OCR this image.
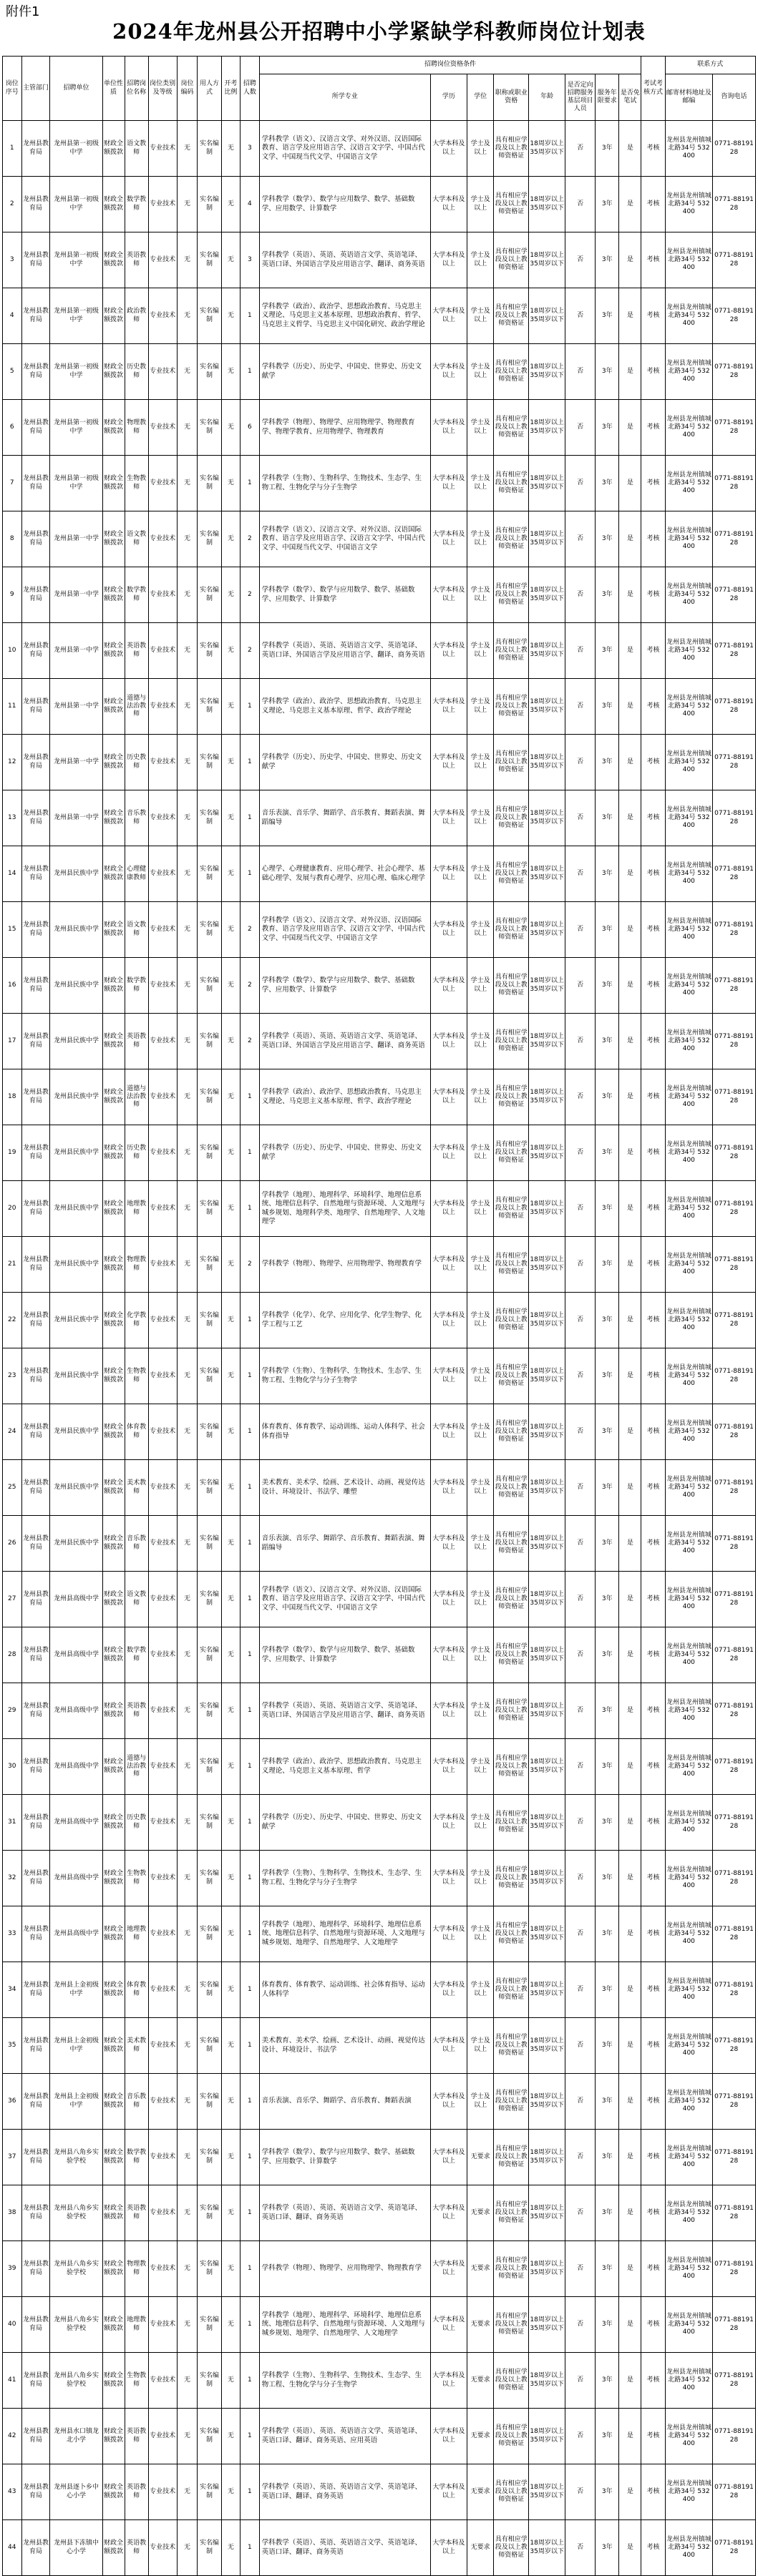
附件1
2024年龙州县公开招聘中小学紧缺学科教师岗位计划表
岗位序号	主管部门	招聘单位	单位性质	招聘岗位名称	岗位类别及等级	岗位编码	用人方式	开考比例	招聘人数	招聘岗位资格条件								考试考核方式	联系方式	
										所学专业	学历	学位	职称或职业资格	年龄	是否定向招聘服务基层项目人员	服务年限要求	是否免笔试		邮寄材料地址及邮编	咨询电话
1	龙州县教育局	龙州县第一初级中学	财政全额拨款	语文教师	专业技术	无	实名编制	无	3	学科教学（语文）、汉语言文学、对外汉语、汉语国际教育、语言学及应用语言学、汉语言文字学、中国古代文学、中国现当代文学、中国语言文学	大学本科及以上	学士及以上	具有相应学段及以上教师资格证	18周岁以上35周岁以下	否	3年	是	考核	龙州县龙州镇城北路34号 532400	0771-8819128
2	龙州县教育局	龙州县第一初级中学	财政全额拨款	数学教师	专业技术	无	实名编制	无	4	学科教学（数学）、数学与应用数学、数学、基础数学、应用数学、计算数学	大学本科及以上	学士及以上	具有相应学段及以上教师资格证	18周岁以上35周岁以下	否	3年	是	考核	龙州县龙州镇城北路34号 532400	0771-8819128
3	龙州县教育局	龙州县第一初级中学	财政全额拨款	英语教师	专业技术	无	实名编制	无	3	学科教学（英语）、英语、英语语言文学、英语笔译、英语口译、外国语言学及应用语言学、翻译、商务英语	大学本科及以上	学士及以上	具有相应学段及以上教师资格证	18周岁以上35周岁以下	否	3年	是	考核	龙州县龙州镇城北路34号 532400	0771-8819128
4	龙州县教育局	龙州县第一初级中学	财政全额拨款	政治教师	专业技术	无	实名编制	无	1	学科教学（政治）、政治学、思想政治教育、马克思主义理论、马克思主义基本原理、思想政治教育、哲学、马克思主义哲学、马克思主义中国化研究、政治学理论	大学本科及以上	学士及以上	具有相应学段及以上教师资格证	18周岁以上35周岁以下	否	3年	是	考核	龙州县龙州镇城北路34号 532400	0771-8819128
5	龙州县教育局	龙州县第一初级中学	财政全额拨款	历史教师	专业技术	无	实名编制	无	1	学科教学（历史）、历史学、中国史、世界史、历史文献学	大学本科及以上	学士及以上	具有相应学段及以上教师资格证	18周岁以上35周岁以下	否	3年	是	考核	龙州县龙州镇城北路34号 532400	0771-8819128
6	龙州县教育局	龙州县第一初级中学	财政全额拨款	物理教师	专业技术	无	实名编制	无	6	学科教学（物理）、物理学、应用物理学、物理教育学、物理学教育、应用物理学、物理教育	大学本科及以上	学士及以上	具有相应学段及以上教师资格证	18周岁以上35周岁以下	否	3年	是	考核	龙州县龙州镇城北路34号 532400	0771-8819128
7	龙州县教育局	龙州县第一初级中学	财政全额拨款	生物教师	专业技术	无	实名编制	无	1	学科教学（生物）、生物科学、生物技术、生态学、生物工程、生物化学与分子生物学	大学本科及以上	学士及以上	具有相应学段及以上教师资格证	18周岁以上35周岁以下	否	3年	是	考核	龙州县龙州镇城北路34号 532400	0771-8819128
8	龙州县教育局	龙州县第一中学	财政全额拨款	语文教师	专业技术	无	实名编制	无	2	学科教学（语文）、汉语言文学、对外汉语、汉语国际教育、语言学及应用语言学、汉语言文字学、中国古代文学、中国现当代文学、中国语言文学	大学本科及以上	学士及以上	具有相应学段及以上教师资格证	18周岁以上35周岁以下	否	3年	是	考核	龙州县龙州镇城北路34号 532400	0771-8819128
9	龙州县教育局	龙州县第一中学	财政全额拨款	数学教师	专业技术	无	实名编制	无	2	学科教学（数学）、数学与应用数学、数学、基础数学、应用数学、计算数学	大学本科及以上	学士及以上	具有相应学段及以上教师资格证	18周岁以上35周岁以下	否	3年	是	考核	龙州县龙州镇城北路34号 532400	0771-8819128
10	龙州县教育局	龙州县第一中学	财政全额拨款	英语教师	专业技术	无	实名编制	无	2	学科教学（英语）、英语、英语语言文学、英语笔译、英语口译、外国语言学及应用语言学、翻译、商务英语	大学本科及以上	学士及以上	具有相应学段及以上教师资格证	18周岁以上35周岁以下	否	3年	是	考核	龙州县龙州镇城北路34号 532400	0771-8819128
11	龙州县教育局	龙州县第一中学	财政全额拨款	道德与法治教师	专业技术	无	实名编制	无	1	学科教学（政治）、政治学、思想政治教育、马克思主义理论、马克思主义基本原理、哲学、政治学理论	大学本科及以上	学士及以上	具有相应学段及以上教师资格证	18周岁以上35周岁以下	否	3年	是	考核	龙州县龙州镇城北路34号 532400	0771-8819128
12	龙州县教育局	龙州县第一中学	财政全额拨款	历史教师	专业技术	无	实名编制	无	1	学科教学（历史）、历史学、中国史、世界史、历史文献学	大学本科及以上	学士及以上	具有相应学段及以上教师资格证	18周岁以上35周岁以下	否	3年	是	考核	龙州县龙州镇城北路34号 532400	0771-8819128
13	龙州县教育局	龙州县第一中学	财政全额拨款	音乐教师	专业技术	无	实名编制	无	1	音乐表演、音乐学、舞蹈学、音乐教育、舞蹈表演、舞蹈编导	大学本科及以上	学士及以上	具有相应学段及以上教师资格证	18周岁以上35周岁以下	否	3年	是	考核	龙州县龙州镇城北路34号 532400	0771-8819128
14	龙州县教育局	龙州县民族中学	财政全额拨款	心理健康教师	专业技术	无	实名编制	无	1	心理学、心理健康教育、应用心理学、社会心理学、基础心理学、发展与教育心理学、应用心理、临床心理学	大学本科及以上	学士及以上	具有相应学段及以上教师资格证	18周岁以上35周岁以下	否	3年	是	考核	龙州县龙州镇城北路34号 532400	0771-8819128
15	龙州县教育局	龙州县民族中学	财政全额拨款	语文教师	专业技术	无	实名编制	无	2	学科教学（语文）、汉语言文学、对外汉语、汉语国际教育、语言学及应用语言学、汉语言文字学、中国古代文学、中国现当代文学、中国语言文学	大学本科及以上	学士及以上	具有相应学段及以上教师资格证	18周岁以上35周岁以下	否	3年	是	考核	龙州县龙州镇城北路34号 532400	0771-8819128
16	龙州县教育局	龙州县民族中学	财政全额拨款	数学教师	专业技术	无	实名编制	无	2	学科教学（数学）、数学与应用数学、数学、基础数学、应用数学、计算数学	大学本科及以上	学士及以上	具有相应学段及以上教师资格证	18周岁以上35周岁以下	否	3年	是	考核	龙州县龙州镇城北路34号 532400	0771-8819128
17	龙州县教育局	龙州县民族中学	财政全额拨款	英语教师	专业技术	无	实名编制	无	2	学科教学（英语）、英语、英语语言文学、英语笔译、英语口译、外国语言学及应用语言学、翻译、商务英语	大学本科及以上	学士及以上	具有相应学段及以上教师资格证	18周岁以上35周岁以下	否	3年	是	考核	龙州县龙州镇城北路34号 532400	0771-8819128
18	龙州县教育局	龙州县民族中学	财政全额拨款	道德与法治教师	专业技术	无	实名编制	无	1	学科教学（政治）、政治学、思想政治教育、马克思主义理论、马克思主义基本原理、哲学、政治学理论	大学本科及以上	学士及以上	具有相应学段及以上教师资格证	18周岁以上35周岁以下	否	3年	是	考核	龙州县龙州镇城北路34号 532400	0771-8819128
19	龙州县教育局	龙州县民族中学	财政全额拨款	历史教师	专业技术	无	实名编制	无	1	学科教学（历史）、历史学、中国史、世界史、历史文献学	大学本科及以上	学士及以上	具有相应学段及以上教师资格证	18周岁以上35周岁以下	否	3年	是	考核	龙州县龙州镇城北路34号 532400	0771-8819128
20	龙州县教育局	龙州县民族中学	财政全额拨款	地理教师	专业技术	无	实名编制	无	1	学科教学（地理）、地理科学、环境科学、地理信息系统、地理信息科学、自然地理与资源环境、人文地理与城乡规划、地理科学类、地理学、自然地理学、人文地理学	大学本科及以上	学士及以上	具有相应学段及以上教师资格证	18周岁以上35周岁以下	否	3年	是	考核	龙州县龙州镇城北路34号 532400	0771-8819128
21	龙州县教育局	龙州县民族中学	财政全额拨款	物理教师	专业技术	无	实名编制	无	2	学科教学（物理）、物理学、应用物理学、物理教育学	大学本科及以上	学士及以上	具有相应学段及以上教师资格证	18周岁以上35周岁以下	否	3年	是	考核	龙州县龙州镇城北路34号 532400	0771-8819128
22	龙州县教育局	龙州县民族中学	财政全额拨款	化学教师	专业技术	无	实名编制	无	1	学科教学（化学）、化学、应用化学、化学生物学、化学工程与工艺	大学本科及以上	学士及以上	具有相应学段及以上教师资格证	18周岁以上35周岁以下	否	3年	是	考核	龙州县龙州镇城北路34号 532400	0771-8819128
23	龙州县教育局	龙州县民族中学	财政全额拨款	生物教师	专业技术	无	实名编制	无	1	学科教学（生物）、生物科学、生物技术、生态学、生物工程、生物化学与分子生物学	大学本科及以上	学士及以上	具有相应学段及以上教师资格证	18周岁以上35周岁以下	否	3年	是	考核	龙州县龙州镇城北路34号 532400	0771-8819128
24	龙州县教育局	龙州县民族中学	财政全额拨款	体育教师	专业技术	无	实名编制	无	1	体育教育、体育教学、运动训练、运动人体科学、社会体育指导	大学本科及以上	学士及以上	具有相应学段及以上教师资格证	18周岁以上35周岁以下	否	3年	是	考核	龙州县龙州镇城北路34号 532400	0771-8819128
25	龙州县教育局	龙州县民族中学	财政全额拨款	美术教师	专业技术	无	实名编制	无	1	美术教育、美术学、绘画、艺术设计、动画、视觉传达设计、环境设计、书法学、雕塑	大学本科及以上	学士及以上	具有相应学段及以上教师资格证	18周岁以上35周岁以下	否	3年	是	考核	龙州县龙州镇城北路34号 532400	0771-8819128
26	龙州县教育局	龙州县民族中学	财政全额拨款	音乐教师	专业技术	无	实名编制	无	1	音乐表演、音乐学、舞蹈学、音乐教育、舞蹈表演、舞蹈编导	大学本科及以上	学士及以上	具有相应学段及以上教师资格证	18周岁以上35周岁以下	否	3年	是	考核	龙州县龙州镇城北路34号 532400	0771-8819128
27	龙州县教育局	龙州县高级中学	财政全额拨款	语文教师	专业技术	无	实名编制	无	1	学科教学（语文）、汉语言文学、对外汉语、汉语国际教育、语言学及应用语言学、汉语言文字学、中国古代文学、中国现当代文学、中国语言文学	大学本科及以上	学士及以上	具有相应学段及以上教师资格证	18周岁以上35周岁以下	否	3年	是	考核	龙州县龙州镇城北路34号 532400	0771-8819128
28	龙州县教育局	龙州县高级中学	财政全额拨款	数学教师	专业技术	无	实名编制	无	1	学科教学（数学）、数学与应用数学、数学、基础数学、应用数学、计算数学	大学本科及以上	学士及以上	具有相应学段及以上教师资格证	18周岁以上35周岁以下	否	3年	是	考核	龙州县龙州镇城北路34号 532400	0771-8819128
29	龙州县教育局	龙州县高级中学	财政全额拨款	英语教师	专业技术	无	实名编制	无	1	学科教学（英语）、英语、英语语言文学、英语笔译、英语口译、外国语言学及应用语言学、翻译、商务英语	大学本科及以上	学士及以上	具有相应学段及以上教师资格证	18周岁以上35周岁以下	否	3年	是	考核	龙州县龙州镇城北路34号 532400	0771-8819128
30	龙州县教育局	龙州县高级中学	财政全额拨款	道德与法治教师	专业技术	无	实名编制	无	1	学科教学（政治）、政治学、思想政治教育、马克思主义理论、马克思主义基本原理、哲学	大学本科及以上	学士及以上	具有相应学段及以上教师资格证	18周岁以上35周岁以下	否	3年	是	考核	龙州县龙州镇城北路34号 532400	0771-8819128
31	龙州县教育局	龙州县高级中学	财政全额拨款	历史教师	专业技术	无	实名编制	无	1	学科教学（历史）、历史学、中国史、世界史、历史文献学	大学本科及以上	学士及以上	具有相应学段及以上教师资格证	18周岁以上35周岁以下	否	3年	是	考核	龙州县龙州镇城北路34号 532400	0771-8819128
32	龙州县教育局	龙州县高级中学	财政全额拨款	生物教师	专业技术	无	实名编制	无	1	学科教学（生物）、生物科学、生物技术、生态学、生物工程、生物化学与分子生物学	大学本科及以上	学士及以上	具有相应学段及以上教师资格证	18周岁以上35周岁以下	否	3年	是	考核	龙州县龙州镇城北路34号 532400	0771-8819128
33	龙州县教育局	龙州县高级中学	财政全额拨款	地理教师	专业技术	无	实名编制	无	1	学科教学（地理）、地理科学、环境科学、地理信息系统、地理信息科学、自然地理与资源环境、人文地理与城乡规划、地理学、自然地理学、人文地理学	大学本科及以上	学士及以上	具有相应学段及以上教师资格证	18周岁以上35周岁以下	否	3年	是	考核	龙州县龙州镇城北路34号 532400	0771-8819128
34	龙州县教育局	龙州县上金初级中学	财政全额拨款	体育教师	专业技术	无	实名编制	无	1	体育教育、体育教学、运动训练、社会体育指导、运动人体科学	大学本科及以上	学士及以上	具有相应学段及以上教师资格证	18周岁以上35周岁以下	否	3年	是	考核	龙州县龙州镇城北路34号 532400	0771-8819128
35	龙州县教育局	龙州县上金初级中学	财政全额拨款	美术教师	专业技术	无	实名编制	无	1	美术教育、美术学、绘画、艺术设计、动画、视觉传达设计、环境设计、书法学	大学本科及以上	学士及以上	具有相应学段及以上教师资格证	18周岁以上35周岁以下	否	3年	是	考核	龙州县龙州镇城北路34号 532400	0771-8819128
36	龙州县教育局	龙州县上金初级中学	财政全额拨款	音乐教师	专业技术	无	实名编制	无	1	音乐表演、音乐学、舞蹈学、音乐教育、舞蹈表演	大学本科及以上	学士及以上	具有相应学段及以上教师资格证	18周岁以上35周岁以下	否	3年	是	考核	龙州县龙州镇城北路34号 532400	0771-8819128
37	龙州县教育局	龙州县八角乡实验学校	财政全额拨款	数学教师	专业技术	无	实名编制	无	1	学科教学（数学）、数学与应用数学、数学、基础数学、应用数学、计算数学	大学本科及以上	无要求	具有相应学段及以上教师资格证	18周岁以上35周岁以下	否	3年	是	考核	龙州县龙州镇城北路34号 532400	0771-8819128
38	龙州县教育局	龙州县八角乡实验学校	财政全额拨款	英语教师	专业技术	无	实名编制	无	1	学科教学（英语）、英语、英语语言文学、英语笔译、英语口译、翻译、商务英语	大学本科及以上	无要求	具有相应学段及以上教师资格证	18周岁以上35周岁以下	否	3年	是	考核	龙州县龙州镇城北路34号 532400	0771-8819128
39	龙州县教育局	龙州县八角乡实验学校	财政全额拨款	物理教师	专业技术	无	实名编制	无	1	学科教学（物理）、物理学、应用物理学、物理教育学	大学本科及以上	无要求	具有相应学段及以上教师资格证	18周岁以上35周岁以下	否	3年	是	考核	龙州县龙州镇城北路34号 532400	0771-8819128
40	龙州县教育局	龙州县八角乡实验学校	财政全额拨款	地理教师	专业技术	无	实名编制	无	1	学科教学（地理）、地理科学、环境科学、地理信息系统、地理信息科学、自然地理与资源环境、人文地理与城乡规划、地理学、自然地理学、人文地理学	大学本科及以上	无要求	具有相应学段及以上教师资格证	18周岁以上35周岁以下	否	3年	是	考核	龙州县龙州镇城北路34号 532400	0771-8819128
41	龙州县教育局	龙州县八角乡实验学校	财政全额拨款	生物教师	专业技术	无	实名编制	无	1	学科教学（生物）、生物科学、生物技术、生态学、生物工程、生物化学与分子生物学	大学本科及以上	无要求	具有相应学段及以上教师资格证	18周岁以上35周岁以下	否	3年	是	考核	龙州县龙州镇城北路34号 532400	0771-8819128
42	龙州县教育局	龙州县水口镇龙北小学	财政全额拨款	英语教师	专业技术	无	实名编制	无	1	学科教学（英语）、英语、英语语言文学、英语笔译、英语口译、翻译、商务英语、应用英语	大学本科及以上	无要求	具有相应学段及以上教师资格证	18周岁以上35周岁以下	否	3年	是	考核	龙州县龙州镇城北路34号 532400	0771-8819128
43	龙州县教育局	龙州县逐卜乡中心小学	财政全额拨款	英语教师	专业技术	无	实名编制	无	1	学科教学（英语）、英语、英语语言文学、英语笔译、英语口译、翻译、商务英语	大学本科及以上	无要求	具有相应学段及以上教师资格证	18周岁以上35周岁以下	否	3年	是	考核	龙州县龙州镇城北路34号 532400	0771-8819128
44	龙州县教育局	龙州县下冻镇中心小学	财政全额拨款	英语教师	专业技术	无	实名编制	无	1	学科教学（英语）、英语、英语语言文学、英语笔译、英语口译、翻译、商务英语	大学本科及以上	无要求	具有相应学段及以上教师资格证	18周岁以上35周岁以下	否	3年	是	考核	龙州县龙州镇城北路34号 532400	0771-8819128
